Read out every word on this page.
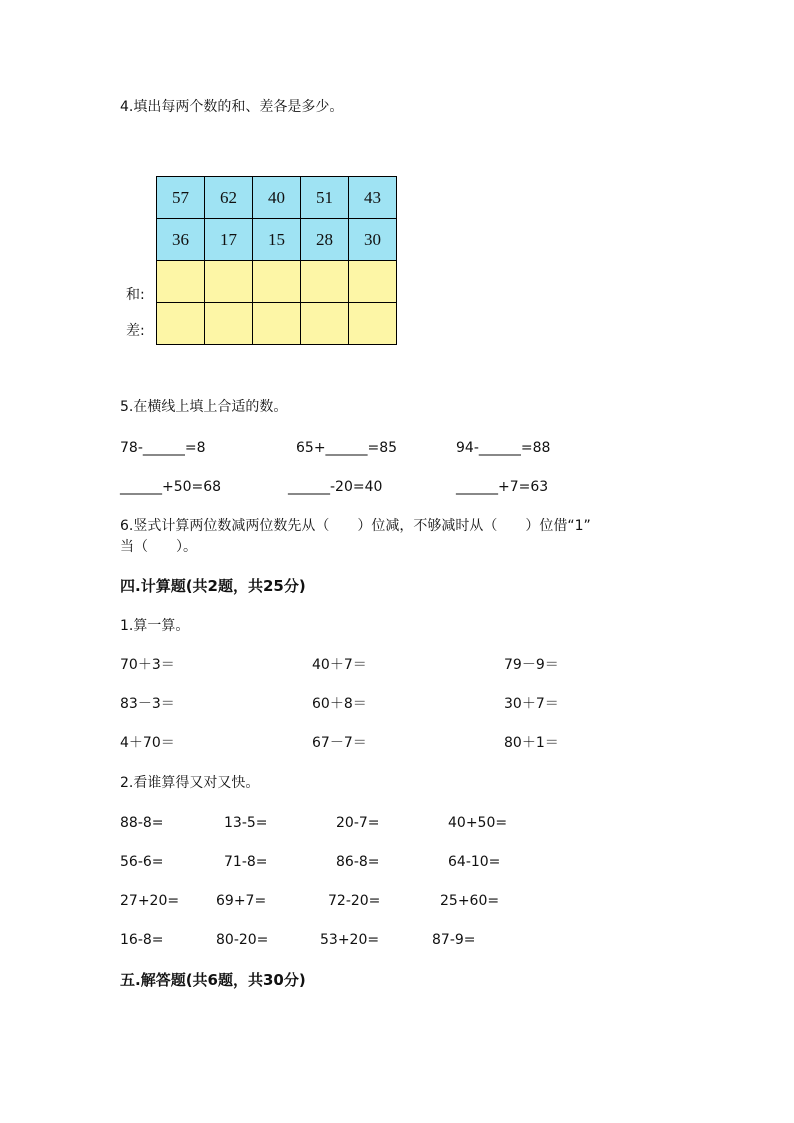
4.填出每两个数的和、差各是多少。
57	62	40	51	43
36	17	15	28	30

和:
差:
5.在横线上填上合适的数。
78-______=8	65+______=85	94-______=88
______+50=68	______-20=40	______+7=63
6.竖式计算两位数减两位数先从（　　）位减，不够减时从（　　）位借“1”
当（　　）。
四.计算题(共2题，共25分)
1.算一算。
70＋3＝	40＋7＝	79－9＝
83－3＝	60＋8＝	30＋7＝
4＋70＝	67－7＝	80＋1＝
2.看谁算得又对又快。
88-8=	13-5=	20-7=	40+50=
56-6=	71-8=	86-8=	64-10=
27+20=	69+7=	72-20=	25+60=
16-8=	80-20=	53+20=	87-9=
五.解答题(共6题，共30分)
